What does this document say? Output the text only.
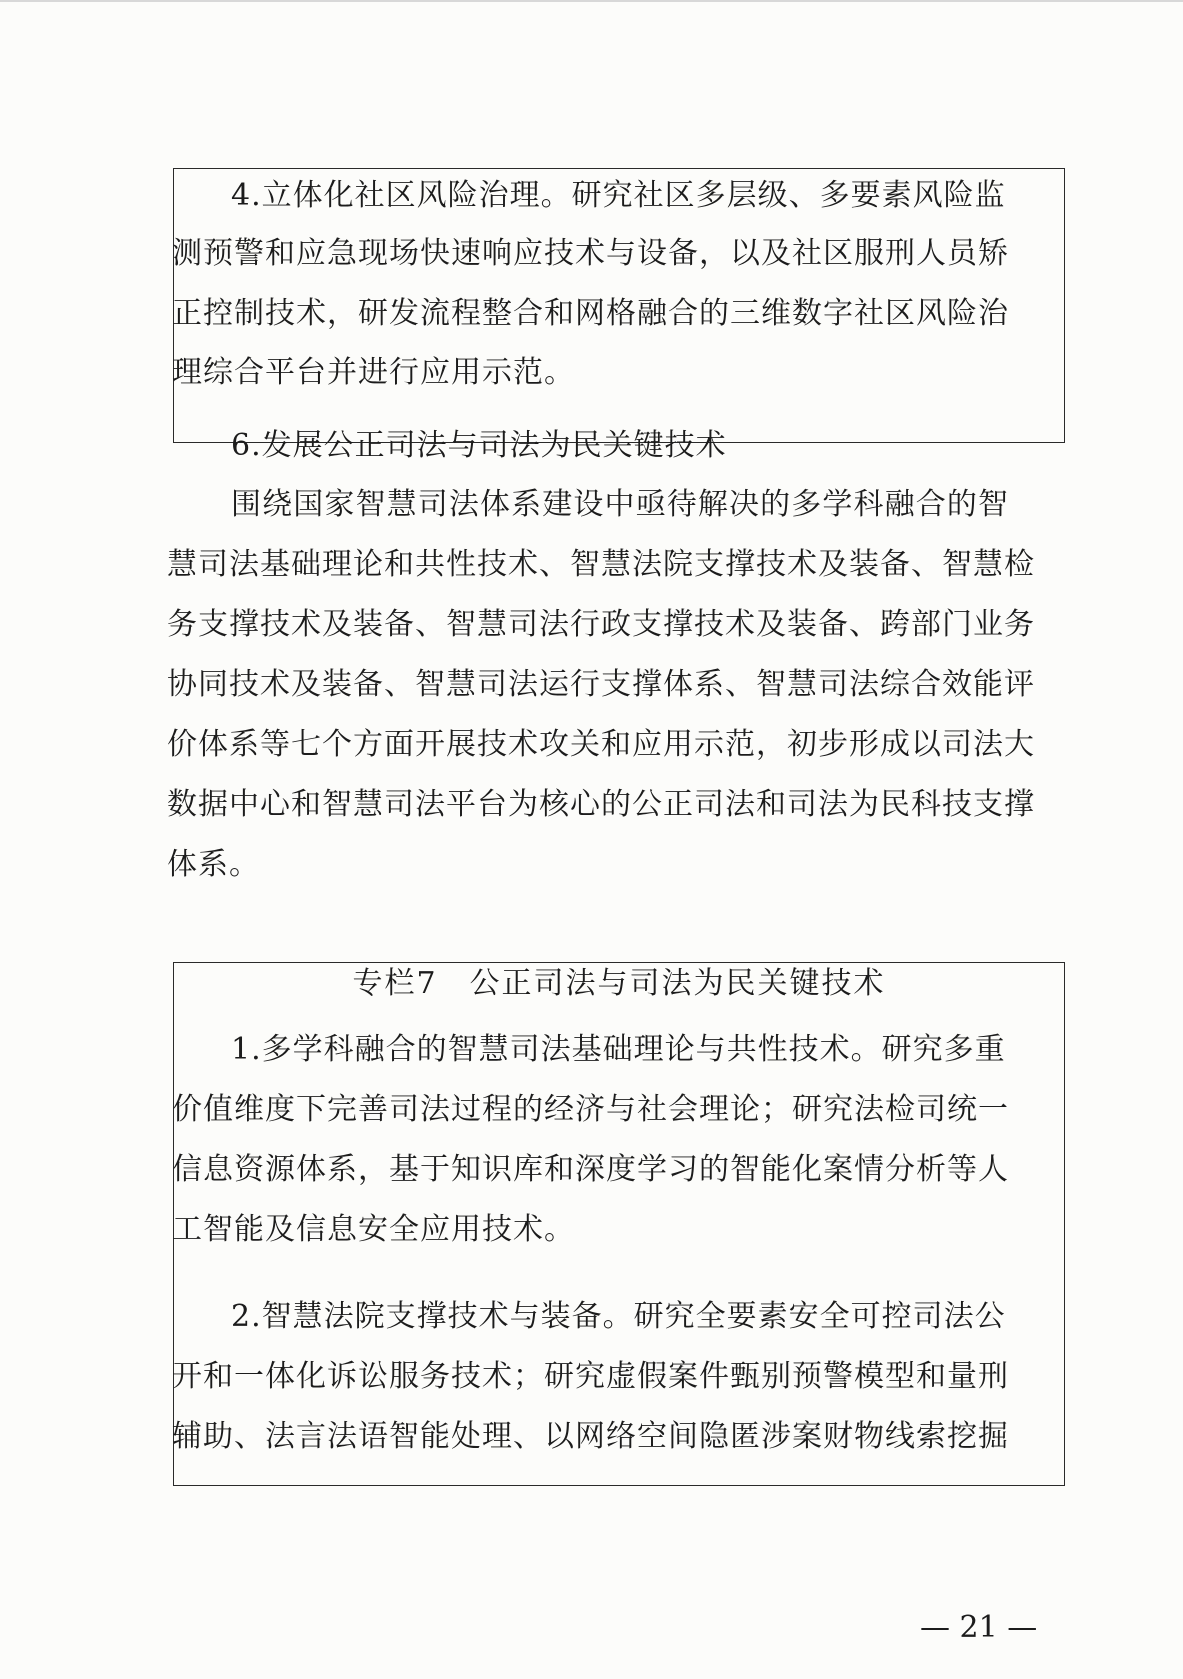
4.立体化社区风险治理。研究社区多层级、多要素风险监
测预警和应急现场快速响应技术与设备，以及社区服刑人员矫
正控制技术，研发流程整合和网格融合的三维数字社区风险治
理综合平台并进行应用示范。
6.发展公正司法与司法为民关键技术
围绕国家智慧司法体系建设中亟待解决的多学科融合的智
慧司法基础理论和共性技术、智慧法院支撑技术及装备、智慧检
务支撑技术及装备、智慧司法行政支撑技术及装备、跨部门业务
协同技术及装备、智慧司法运行支撑体系、智慧司法综合效能评
价体系等七个方面开展技术攻关和应用示范，初步形成以司法大
数据中心和智慧司法平台为核心的公正司法和司法为民科技支撑
体系。
专栏7　公正司法与司法为民关键技术
1.多学科融合的智慧司法基础理论与共性技术。研究多重
价值维度下完善司法过程的经济与社会理论；研究法检司统一
信息资源体系，基于知识库和深度学习的智能化案情分析等人
工智能及信息安全应用技术。
2.智慧法院支撑技术与装备。研究全要素安全可控司法公
开和一体化诉讼服务技术；研究虚假案件甄别预警模型和量刑
辅助、法言法语智能处理、以网络空间隐匿涉案财物线索挖掘
— 21 —
